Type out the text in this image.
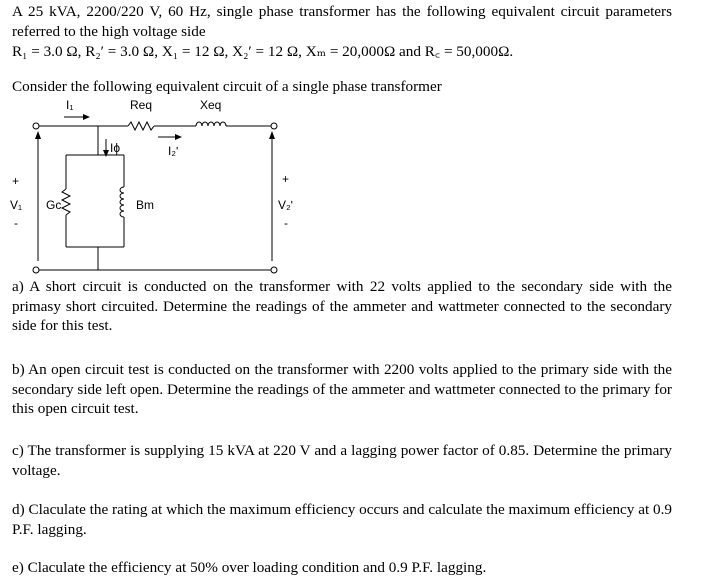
A 25 kVA, 2200/220 V, 60 Hz, single phase transformer has the following equivalent circuit parameters referred to the high voltage side
R₁ = 3.0 Ω, R₂ʹ = 3.0 Ω, X₁ = 12 Ω, X₂ʹ = 12 Ω, Xₘ = 20,000Ω and R꜀ = 50,000Ω.
Consider the following equivalent circuit of a single phase transformer
I₁	Req	Xeq
Iϕ	I₂ʹ
+
V₁
-
Gc	Bm
+
V₂ʹ
-
a) A short circuit is conducted on the transformer with 22 volts applied to the secondary side with the primasy short circuited. Determine the readings of the ammeter and wattmeter connected to the secondary side for this test.
b) An open circuit test is conducted on the transformer with 2200 volts applied to the primary side with the secondary side left open. Determine the readings of the ammeter and wattmeter connected to the primary for this open circuit test.
c) The transformer is supplying 15 kVA at 220 V and a lagging power factor of 0.85. Determine the primary voltage.
d) Claculate the rating at which the maximum efficiency occurs and calculate the maximum efficiency at 0.9 P.F. lagging.
e) Claculate the efficiency at 50% over loading condition and 0.9 P.F. lagging.
